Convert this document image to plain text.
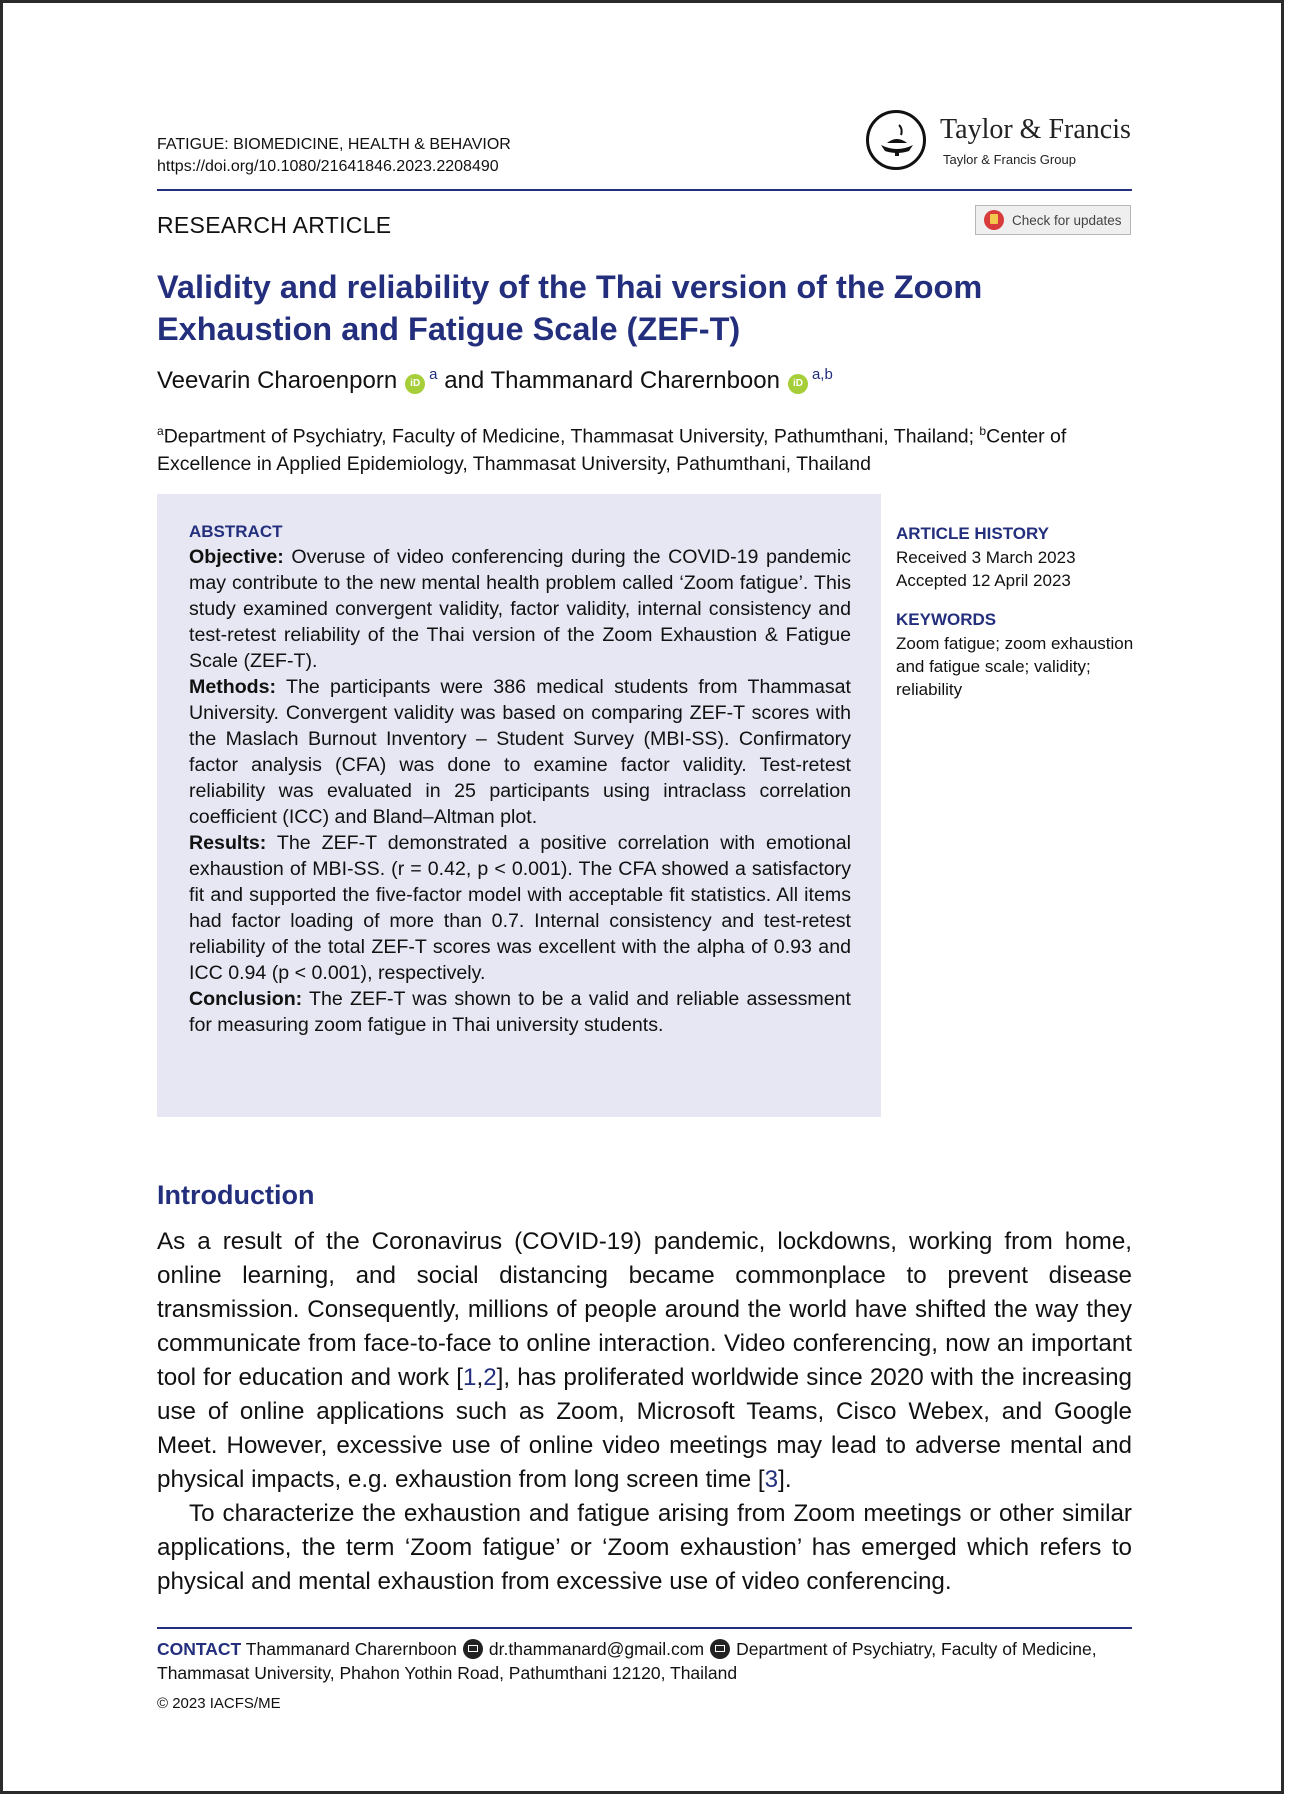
FATIGUE: BIOMEDICINE, HEALTH & BEHAVIOR
https://doi.org/10.1080/21641846.2023.2208490
Taylor & Francis
Taylor & Francis Group
RESEARCH ARTICLE	Check for updates
Validity and reliability of the Thai version of the Zoom Exhaustion and Fatigue Scale (ZEF-T)
Veevarin Charoenporn iD$^a$ and Thammanard Charernboon iD$^{a,b}$
$^a$Department of Psychiatry, Faculty of Medicine, Thammasat University, Pathumthani, Thailand; $^b$Center of Excellence in Applied Epidemiology, Thammasat University, Pathumthani, Thailand
ABSTRACT

Objective: Overuse of video conferencing during the COVID-19 pandemic may contribute to the new mental health problem called ‘Zoom fatigue’. This study examined convergent validity, factor validity, internal consistency and test-retest reliability of the Thai version of the Zoom Exhaustion & Fatigue Scale (ZEF-T).

Methods: The participants were 386 medical students from Thammasat University. Convergent validity was based on comparing ZEF-T scores with the Maslach Burnout Inventory – Student Survey (MBI-SS). Confirmatory factor analysis (CFA) was done to examine factor validity. Test-retest reliability was evaluated in 25 participants using intraclass correlation coefficient (ICC) and Bland–Altman plot.

Results: The ZEF-T demonstrated a positive correlation with emotional exhaustion of MBI-SS. (r = 0.42, p < 0.001). The CFA showed a satisfactory fit and supported the five-factor model with acceptable fit statistics. All items had factor loading of more than 0.7. Internal consistency and test-retest reliability of the total ZEF-T scores was excellent with the alpha of 0.93 and ICC 0.94 (p < 0.001), respectively.

Conclusion: The ZEF-T was shown to be a valid and reliable assessment for measuring zoom fatigue in Thai university students.

ARTICLE HISTORY
Received 3 March 2023
Accepted 12 April 2023
KEYWORDS
Zoom fatigue; zoom exhaustion and fatigue scale; validity; reliability
Introduction

As a result of the Coronavirus (COVID-19) pandemic, lockdowns, working from home, online learning, and social distancing became commonplace to prevent disease transmission. Consequently, millions of people around the world have shifted the way they communicate from face-to-face to online interaction. Video conferencing, now an important tool for education and work [1,2], has proliferated worldwide since 2020 with the increasing use of online applications such as Zoom, Microsoft Teams, Cisco Webex, and Google Meet. However, excessive use of online video meetings may lead to adverse mental and physical impacts, e.g. exhaustion from long screen time [3].

To characterize the exhaustion and fatigue arising from Zoom meetings or other similar applications, the term ‘Zoom fatigue’ or ‘Zoom exhaustion’ has emerged which refers to physical and mental exhaustion from excessive use of video conferencing.

CONTACT Thammanard Charernboon dr.thammanard@gmail.com Department of Psychiatry, Faculty of Medicine, Thammasat University, Phahon Yothin Road, Pathumthani 12120, Thailand
© 2023 IACFS/ME
